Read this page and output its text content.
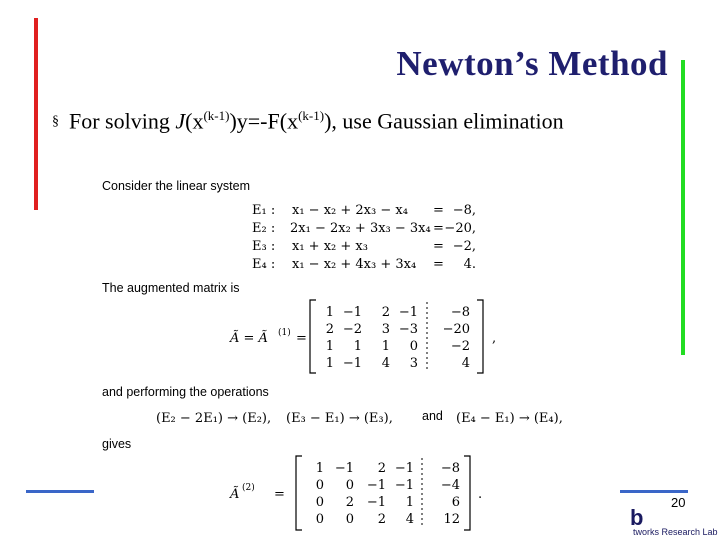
Newton’s Method
§ For solving $J(x^{(k-1)})y=-F(x^{(k-1)})$, use Gaussian elimination
Consider the linear system
E₁ : x₁ − x₂ + 2x₃ − x₄ = −8,
E₂ : 2x₁ − 2x₂ + 3x₃ − 3x₄ = −20,
E₃ : x₁ + x₂ + x₃	= −2,
E₄ : x₁ − x₂ + 4x₃ + 3x₄ = 4.
The augmented matrix is
Ã = Ã (1) =
1 −1 2 −1	−8
2 −2 3 −3 −20
1 1 1 0	−2
1 −1 4 3	4
,
and performing the operations
(E₂ − 2E₁) → (E₂), (E₃ − E₁) → (E₃), and (E₄ − E₁) → (E₄),
gives
Ã (2) =
1 −1 2 −1 −8
0 0 −1 −1 −4
0 2 −1 1	6
0 0 2 4 12
.
20
b
tworks Research Lab
